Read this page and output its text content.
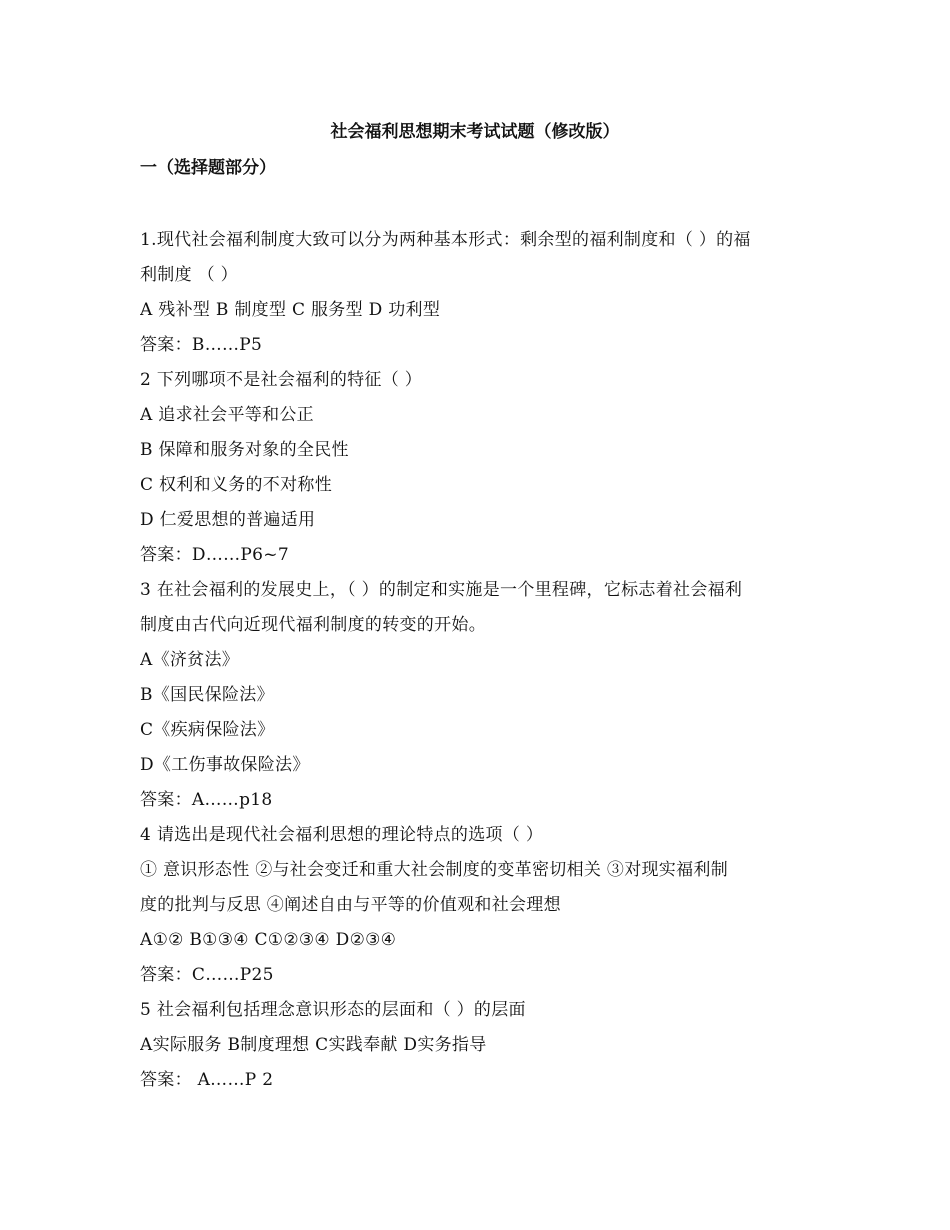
社会福利思想期末考试试题（修改版）
一（选择题部分）
1.现代社会福利制度大致可以分为两种基本形式：剩余型的福利制度和（ ）的福
利制度 （ ）
A 残补型 B 制度型 C 服务型 D 功利型
答案：B……P5
2 下列哪项不是社会福利的特征（ ）
A 追求社会平等和公正
B 保障和服务对象的全民性
C 权利和义务的不对称性
D 仁爱思想的普遍适用
答案：D……P6~7
3 在社会福利的发展史上，（ ）的制定和实施是一个里程碑，它标志着社会福利
制度由古代向近现代福利制度的转变的开始。
A《济贫法》
B《国民保险法》
C《疾病保险法》
D《工伤事故保险法》
答案：A……p18
4 请选出是现代社会福利思想的理论特点的选项（ ）
① 意识形态性 ②与社会变迁和重大社会制度的变革密切相关 ③对现实福利制
度的批判与反思 ④阐述自由与平等的价值观和社会理想
A①② B①③④ C①②③④ D②③④
答案：C……P25
5 社会福利包括理念意识形态的层面和（ ）的层面
A实际服务 B制度理想 C实践奉献 D实务指导
答案： A……P 2
